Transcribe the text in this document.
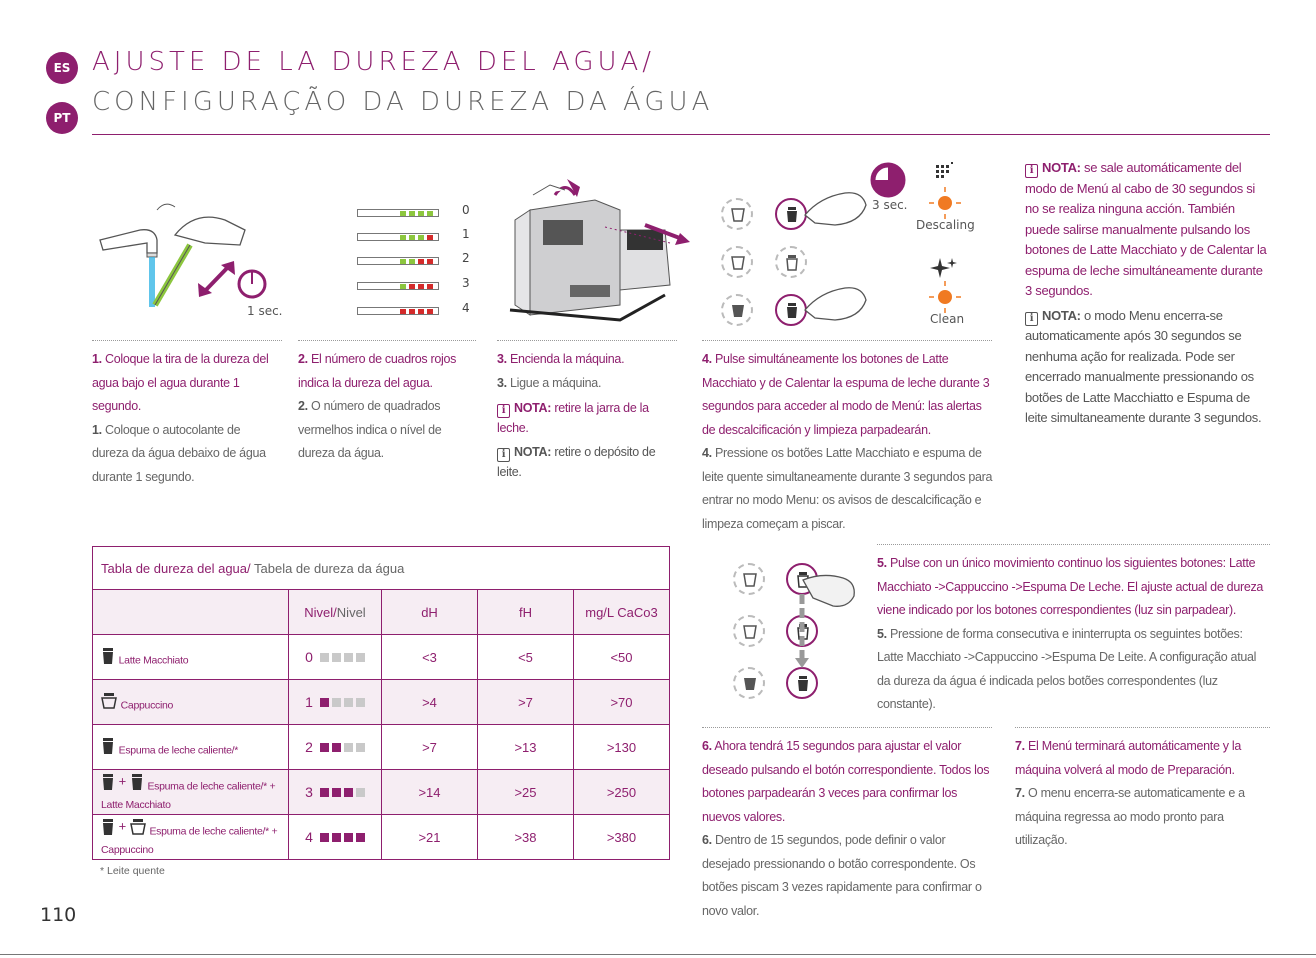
ES
PT
AJUSTE DE LA DUREZA DEL AGUA/
CONFIGURAÇÃO DA DUREZA DA ÁGUA
1 sec.
0
1
2
3
4
3 sec.
Descaling
Clean
1. Coloque la tira de la dureza del agua bajo el agua durante 1 segundo.
1. Coloque o autocolante de dureza da água debaixo de água durante 1 segundo.
2. El número de cuadros rojos indica la dureza del agua.
2. O número de quadrados vermelhos indica o nível de dureza da água.
3. Encienda la máquina.
3. Ligue a máquina.
i NOTA: retire la jarra de la leche.
i NOTA: retire o depósito de leite.
4. Pulse simultáneamente los botones de Latte Macchiato y de Calentar la espuma de leche durante 3 segundos para acceder al modo de Menú: las alertas de descalcificación y limpieza parpadearán.
4. Pressione os botões Latte Macchiato e espuma de leite quente simultaneamente durante 3 segundos para entrar no modo Menu: os avisos de descalcificação e limpeza começam a piscar.
i NOTA: se sale automáticamente del modo de Menú al cabo de 30 segundos si no se realiza ninguna acción. También puede salirse manualmente pulsando los botones de Latte Macchiato y de Calentar la espuma de leche simultáneamente durante 3 segundos.
i NOTA: o modo Menu encerra-se automaticamente após 30 segundos se nenhuma ação for realizada. Pode ser encerrado manualmente pressionando os botões de Latte Macchiatto e Espuma de leite simultaneamente durante 3 segundos.
Tabla de dureza del agua/ Tabela de dureza da água				
	Nivel/Nivel	dH	fH	mg/L CaCo3
$_{Latte Macchiato}$	0	<3	<5	<50
$_{Cappuccino}$	1	>4	>7	>70
$_{Espuma de leche caliente/*}$	2	>7	>13	>130
+  $_{Espuma de leche caliente/* + Latte Macchiato}$	3	>14	>25	>250
+  $_{Espuma de leche caliente/* + Cappuccino}$	4	>21	>38	>380
* Leite quente
5. Pulse con un único movimiento continuo los siguientes botones: Latte Macchiato ->Cappuccino ->Espuma De Leche. El ajuste actual de dureza viene indicado por los botones correspondientes (luz sin parpadear).
5. Pressione de forma consecutiva e ininterrupta os seguintes botões: Latte Macchiato ->Cappuccino ->Espuma De Leite. A configuração atual da dureza da água é indicada pelos botões correspondentes (luz constante).
6. Ahora tendrá 15 segundos para ajustar el valor deseado pulsando el botón correspondiente. Todos los botones parpadearán 3 veces para confirmar los nuevos valores.
6. Dentro de 15 segundos, pode definir o valor desejado pressionando o botão correspondente. Os botões piscam 3 vezes rapidamente para confirmar o novo valor.
7. El Menú terminará automáticamente y la máquina volverá al modo de Preparación.
7. O menu encerra-se automaticamente e a máquina regressa ao modo pronto para utilização.
110
